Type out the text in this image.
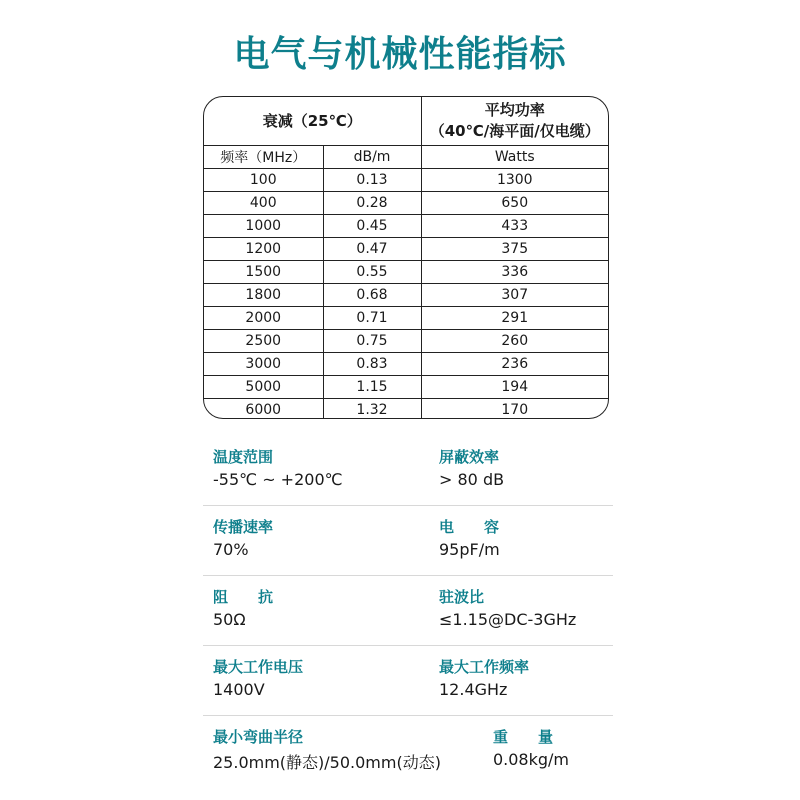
电气与机械性能指标
衰减（25℃）		平均功率
（40℃/海平面/仅电缆）

频率（MHz）	dB/m	Watts
100	0.13	1300
400	0.28	650
1000	0.45	433
1200	0.47	375
1500	0.55	336
1800	0.68	307
2000	0.71	291
2500	0.75	260
3000	0.83	236
5000	1.15	194
6000	1.32	170
温度范围
-55℃ ~ +200℃
屏蔽效率
> 80 dB
传播速率
70%
电　　容
95pF/m
阻　　抗
50Ω
驻波比
≤1.15@DC-3GHz
最大工作电压
1400V
最大工作频率
12.4GHz
最小弯曲半径
25.0mm(静态)/50.0mm(动态)
重　　量
0.08kg/m
